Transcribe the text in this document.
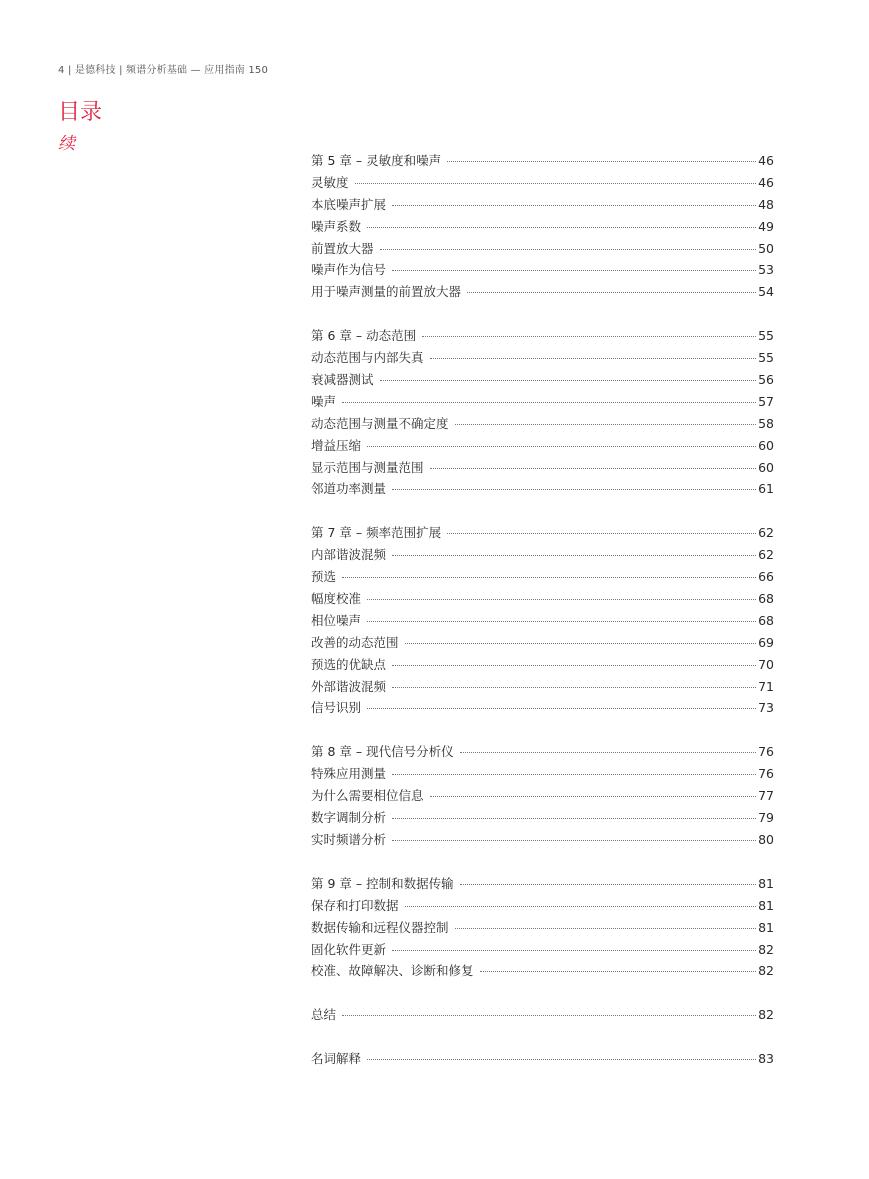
4 | 是德科技 | 频谱分析基础 — 应用指南 150
目录
续
第 5 章 – 灵敏度和噪声	46
灵敏度	46
本底噪声扩展	48
噪声系数	49
前置放大器	50
噪声作为信号	53
用于噪声测量的前置放大器	54
第 6 章 – 动态范围	55
动态范围与内部失真	55
衰减器测试	56
噪声	57
动态范围与测量不确定度	58
增益压缩	60
显示范围与测量范围	60
邻道功率测量	61
第 7 章 – 频率范围扩展	62
内部谐波混频	62
预选	66
幅度校准	68
相位噪声	68
改善的动态范围	69
预选的优缺点	70
外部谐波混频	71
信号识别	73
第 8 章 – 现代信号分析仪	76
特殊应用测量	76
为什么需要相位信息	77
数字调制分析	79
实时频谱分析	80
第 9 章 – 控制和数据传输	81
保存和打印数据	81
数据传输和远程仪器控制	81
固化软件更新	82
校准、故障解决、诊断和修复	82
总结	82
名词解释	83
